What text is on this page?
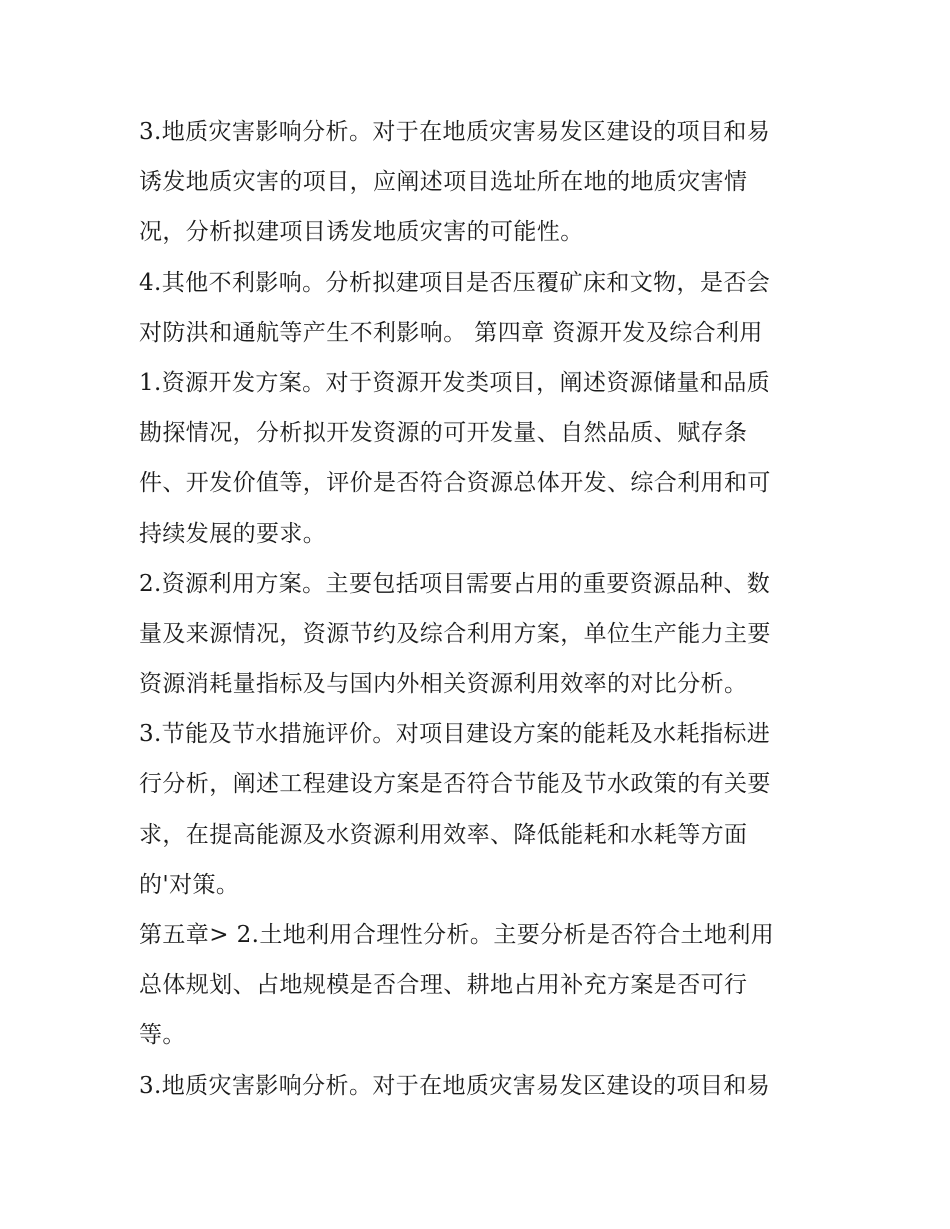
3.地质灾害影响分析。对于在地质灾害易发区建设的项目和易
诱发地质灾害的项目，应阐述项目选址所在地的地质灾害情
况，分析拟建项目诱发地质灾害的可能性。
4.其他不利影响。分析拟建项目是否压覆矿床和文物，是否会
对防洪和通航等产生不利影响。 第四章 资源开发及综合利用
1.资源开发方案。对于资源开发类项目，阐述资源储量和品质
勘探情况，分析拟开发资源的可开发量、自然品质、赋存条
件、开发价值等，评价是否符合资源总体开发、综合利用和可
持续发展的要求。
2.资源利用方案。主要包括项目需要占用的重要资源品种、数
量及来源情况，资源节约及综合利用方案，单位生产能力主要
资源消耗量指标及与国内外相关资源利用效率的对比分析。
3.节能及节水措施评价。对项目建设方案的能耗及水耗指标进
行分析，阐述工程建设方案是否符合节能及节水政策的有关要
求，在提高能源及水资源利用效率、降低能耗和水耗等方面
的'对策。
第五章> 2.土地利用合理性分析。主要分析是否符合土地利用
总体规划、占地规模是否合理、耕地占用补充方案是否可行
等。
3.地质灾害影响分析。对于在地质灾害易发区建设的项目和易
